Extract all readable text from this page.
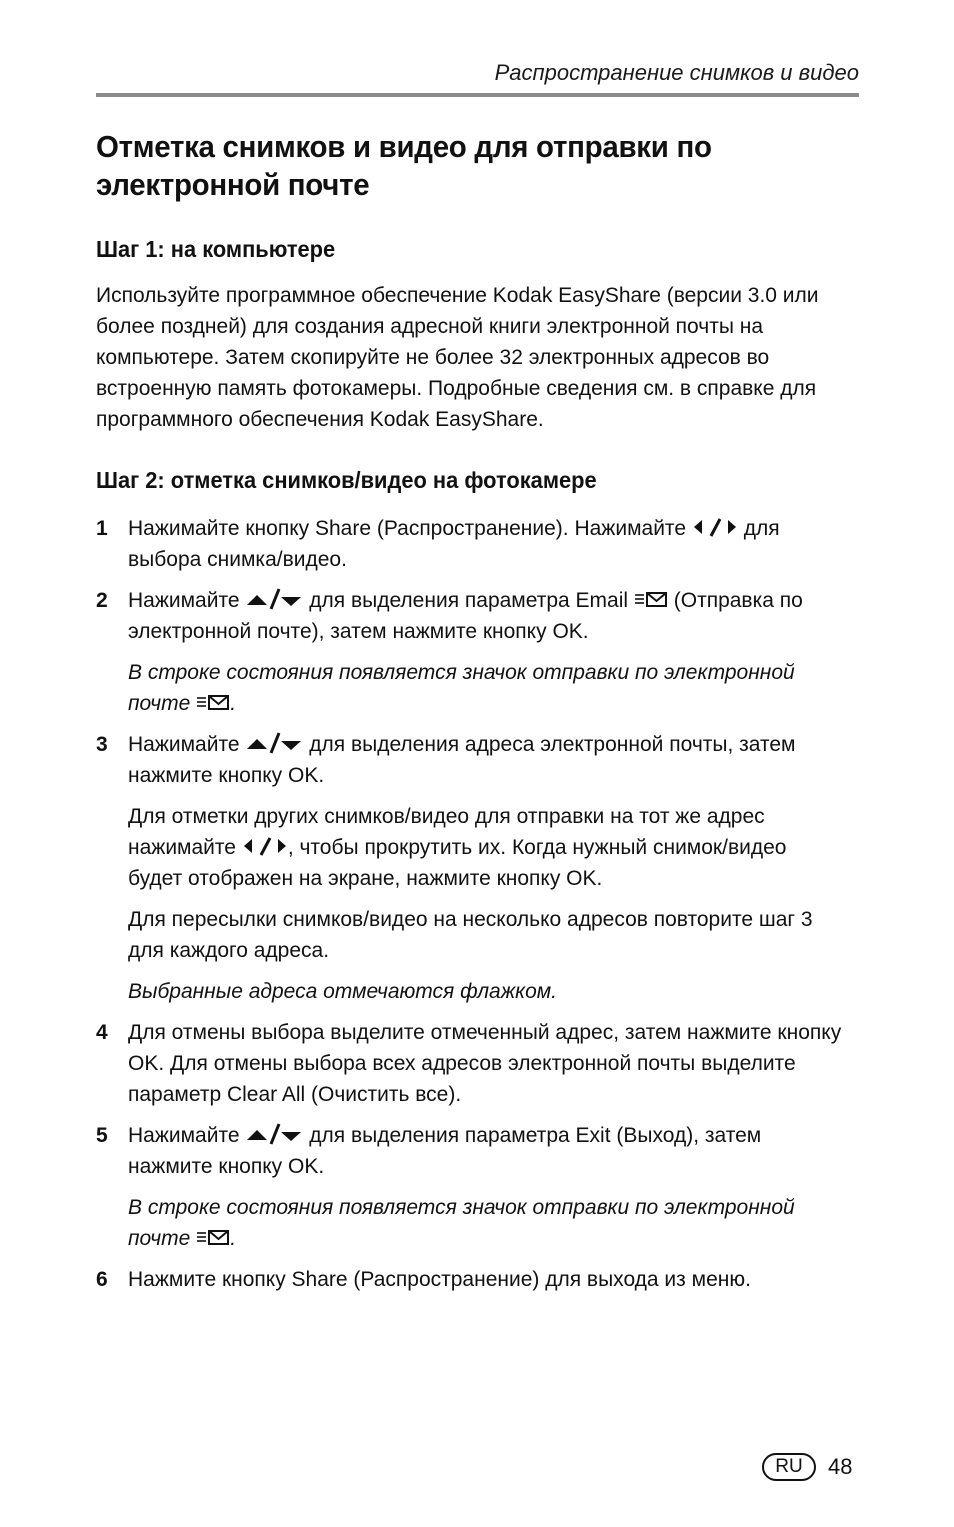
Распространение снимков и видео
Отметка снимков и видео для отправки по электронной почте
Шаг 1: на компьютере

Используйте программное обеспечение Kodak EasyShare (версии 3.0 или более поздней) для создания адресной книги электронной почты на компьютере. Затем скопируйте не более 32 электронных адресов во встроенную память фотокамеры. Подробные сведения см. в справке для программного обеспечения Kodak EasyShare.

Шаг 2: отметка снимков/видео на фотокамере
1 Нажимайте кнопку Share (Распространение). Нажимайте	для выбора снимка/видео.

2 Нажимайте	для выделения параметра Email (Отправка по электронной почте), затем нажмите кнопку OK.

В строке состояния появляется значок отправки по электронной почте .

3 Нажимайте	для выделения адреса электронной почты, затем нажмите кнопку OK.

Для отметки других снимков/видео для отправки на тот же адрес нажимайте , чтобы прокрутить их. Когда нужный снимок/видео будет отображен на экране, нажмите кнопку OK.

Для пересылки снимков/видео на несколько адресов повторите шаг 3 для каждого адреса.

Выбранные адреса отмечаются флажком.

4 Для отмены выбора выделите отмеченный адрес, затем нажмите кнопку OK. Для отмены выбора всех адресов электронной почты выделите параметр Clear All (Очистить все).

5 Нажимайте	для выделения параметра Exit (Выход), затем нажмите кнопку OK.

В строке состояния появляется значок отправки по электронной почте .

6 Нажмите кнопку Share (Распространение) для выхода из меню.

RU	48
